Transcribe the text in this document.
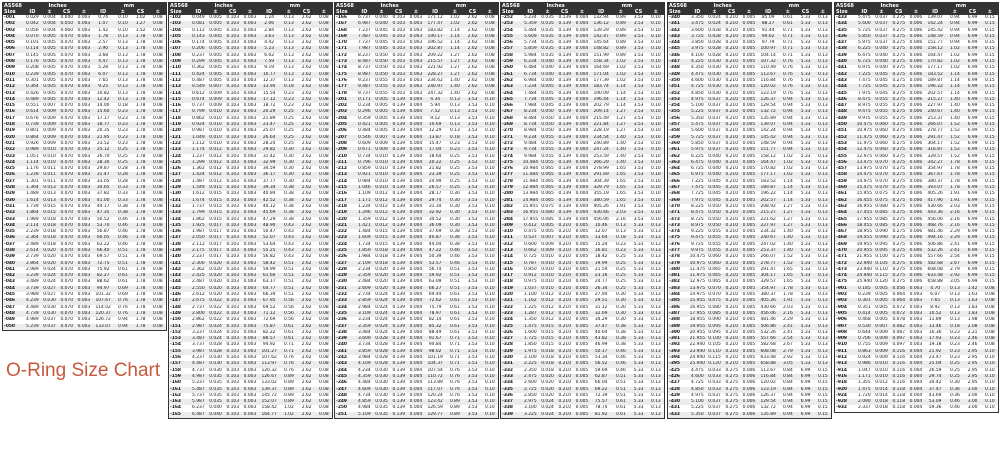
O-Ring Size Chart
AS568	Inches				mm			
Size	ID	±	CS	±	ID	±	CS	±
-001	0.029	0.004	0.040	0.003	0.74	0.10	1.02	0.08
-002	0.042	0.004	0.050	0.003	1.07	0.10	1.27	0.08
-003	0.056	0.004	0.060	0.003	1.42	0.10	1.52	0.08
-004	0.070	0.005	0.070	0.003	1.78	0.13	1.78	0.08
-005	0.101	0.005	0.070	0.003	2.57	0.13	1.78	0.08
-006	0.114	0.005	0.070	0.003	2.90	0.13	1.78	0.08
-007	0.145	0.005	0.070	0.003	3.68	0.13	1.78	0.08
-008	0.176	0.005	0.070	0.003	4.47	0.13	1.78	0.08
-009	0.208	0.005	0.070	0.003	5.28	0.13	1.78	0.08
-010	0.239	0.005	0.070	0.003	6.07	0.13	1.78	0.08
-011	0.301	0.005	0.070	0.003	7.65	0.13	1.78	0.08
-012	0.364	0.005	0.070	0.003	9.25	0.13	1.78	0.08
-013	0.426	0.005	0.070	0.003	10.82	0.13	1.78	0.08
-014	0.489	0.005	0.070	0.003	12.42	0.13	1.78	0.08
-015	0.551	0.007	0.070	0.003	14.00	0.18	1.78	0.08
-016	0.614	0.009	0.070	0.003	15.60	0.23	1.78	0.08
-017	0.676	0.009	0.070	0.003	17.17	0.23	1.78	0.08
-018	0.739	0.009	0.070	0.003	18.77	0.23	1.78	0.08
-019	0.801	0.009	0.070	0.003	20.35	0.23	1.78	0.08
-020	0.864	0.009	0.070	0.003	21.95	0.23	1.78	0.08
-021	0.926	0.009	0.070	0.003	23.52	0.23	1.78	0.08
-022	0.989	0.010	0.070	0.003	25.12	0.25	1.78	0.08
-023	1.051	0.010	0.070	0.003	26.70	0.25	1.78	0.08
-024	1.114	0.010	0.070	0.003	28.30	0.25	1.78	0.08
-025	1.176	0.011	0.070	0.003	29.87	0.28	1.78	0.08
-026	1.239	0.011	0.070	0.003	31.47	0.28	1.78	0.08
-027	1.301	0.011	0.070	0.003	33.05	0.28	1.78	0.08
-028	1.364	0.013	0.070	0.003	34.65	0.33	1.78	0.08
-029	1.489	0.013	0.070	0.003	37.82	0.33	1.78	0.08
-030	1.614	0.013	0.070	0.003	41.00	0.33	1.78	0.08
-031	1.739	0.015	0.070	0.003	44.17	0.38	1.78	0.08
-032	1.864	0.015	0.070	0.003	47.35	0.38	1.78	0.08
-033	1.989	0.018	0.070	0.003	50.52	0.46	1.78	0.08
-034	2.114	0.018	0.070	0.003	53.70	0.46	1.78	0.08
-035	2.239	0.018	0.070	0.003	56.87	0.46	1.78	0.08
-036	2.364	0.018	0.070	0.003	60.05	0.46	1.78	0.08
-037	2.489	0.018	0.070	0.003	63.22	0.46	1.78	0.08
-038	2.614	0.020	0.070	0.003	66.40	0.51	1.78	0.08
-039	2.739	0.020	0.070	0.003	69.57	0.51	1.78	0.08
-040	2.864	0.020	0.070	0.003	72.75	0.51	1.78	0.08
-041	2.989	0.024	0.070	0.003	75.92	0.61	1.78	0.08
-042	3.239	0.024	0.070	0.003	82.27	0.61	1.78	0.08
-043	3.489	0.024	0.070	0.003	88.62	0.61	1.78	0.08
-044	3.739	0.027	0.070	0.003	94.97	0.69	1.78	0.08
-045	3.989	0.027	0.070	0.003	101.32	0.69	1.78	0.08
-046	4.239	0.030	0.070	0.003	107.67	0.76	1.78	0.08
-047	4.489	0.030	0.070	0.003	114.02	0.76	1.78	0.08
-048	4.739	0.030	0.070	0.003	120.37	0.76	1.78	0.08
-049	4.989	0.037	0.070	0.003	126.72	0.94	1.78	0.08
-050	5.239	0.037	0.070	0.003	133.07	0.94	1.78	0.08
AS568	Inches				mm			
Size	ID	±	CS	±	ID	±	CS	±
-102	0.049	0.005	0.103	0.003	1.24	0.13	2.62	0.08
-103	0.081	0.005	0.103	0.003	2.06	0.13	2.62	0.08
-104	0.112	0.005	0.103	0.003	2.84	0.13	2.62	0.08
-105	0.143	0.005	0.103	0.003	3.63	0.13	2.62	0.08
-106	0.174	0.005	0.103	0.003	4.42	0.13	2.62	0.08
-107	0.206	0.005	0.103	0.003	5.23	0.13	2.62	0.08
-108	0.237	0.005	0.103	0.003	6.02	0.13	2.62	0.08
-109	0.299	0.005	0.103	0.003	7.59	0.13	2.62	0.08
-110	0.362	0.005	0.103	0.003	9.19	0.13	2.62	0.08
-111	0.424	0.005	0.103	0.003	10.77	0.13	2.62	0.08
-112	0.487	0.005	0.103	0.003	12.37	0.13	2.62	0.08
-113	0.549	0.007	0.103	0.003	13.94	0.18	2.62	0.08
-114	0.612	0.009	0.103	0.003	15.54	0.23	2.62	0.08
-115	0.674	0.009	0.103	0.003	17.12	0.23	2.62	0.08
-116	0.737	0.009	0.103	0.003	18.72	0.23	2.62	0.08
-117	0.799	0.010	0.103	0.003	20.29	0.25	2.62	0.08
-118	0.862	0.010	0.103	0.003	21.89	0.25	2.62	0.08
-119	0.924	0.010	0.103	0.003	23.47	0.25	2.62	0.08
-120	0.987	0.010	0.103	0.003	25.07	0.25	2.62	0.08
-121	1.049	0.010	0.103	0.003	26.64	0.25	2.62	0.08
-122	1.112	0.010	0.103	0.003	28.24	0.25	2.62	0.08
-123	1.174	0.012	0.103	0.003	29.82	0.30	2.62	0.08
-124	1.237	0.012	0.103	0.003	31.42	0.30	2.62	0.08
-125	1.299	0.012	0.103	0.003	32.99	0.30	2.62	0.08
-126	1.362	0.012	0.103	0.003	34.59	0.30	2.62	0.08
-127	1.424	0.012	0.103	0.003	36.17	0.30	2.62	0.08
-128	1.487	0.012	0.103	0.003	37.77	0.30	2.62	0.08
-129	1.549	0.015	0.103	0.003	39.34	0.38	2.62	0.08
-130	1.612	0.015	0.103	0.003	40.94	0.38	2.62	0.08
-131	1.674	0.015	0.103	0.003	42.52	0.38	2.62	0.08
-132	1.737	0.015	0.103	0.003	44.12	0.38	2.62	0.08
-133	1.799	0.015	0.103	0.003	45.69	0.38	2.62	0.08
-134	1.862	0.015	0.103	0.003	47.29	0.38	2.62	0.08
-135	1.925	0.017	0.103	0.003	48.90	0.43	2.62	0.08
-136	1.987	0.017	0.103	0.003	50.47	0.43	2.62	0.08
-137	2.050	0.017	0.103	0.003	52.07	0.43	2.62	0.08
-138	2.112	0.017	0.103	0.003	53.64	0.43	2.62	0.08
-139	2.175	0.017	0.103	0.003	55.25	0.43	2.62	0.08
-140	2.237	0.017	0.103	0.003	56.82	0.43	2.62	0.08
-141	2.300	0.020	0.103	0.003	58.42	0.51	2.62	0.08
-142	2.362	0.020	0.103	0.003	59.99	0.51	2.62	0.08
-143	2.425	0.020	0.103	0.003	61.60	0.51	2.62	0.08
-144	2.487	0.020	0.103	0.003	63.17	0.51	2.62	0.08
-145	2.550	0.020	0.103	0.003	64.77	0.51	2.62	0.08
-146	2.612	0.020	0.103	0.003	66.34	0.51	2.62	0.08
-147	2.675	0.022	0.103	0.003	67.95	0.56	2.62	0.08
-148	2.737	0.022	0.103	0.003	69.52	0.56	2.62	0.08
-149	2.800	0.022	0.103	0.003	71.12	0.56	2.62	0.08
-150	2.862	0.022	0.103	0.003	72.69	0.56	2.62	0.08
-151	2.987	0.024	0.103	0.003	75.87	0.61	2.62	0.08
-152	3.237	0.024	0.103	0.003	82.22	0.61	2.62	0.08
-153	3.487	0.024	0.103	0.003	88.57	0.61	2.62	0.08
-154	3.737	0.028	0.103	0.003	94.92	0.71	2.62	0.08
-155	3.987	0.028	0.103	0.003	101.27	0.71	2.62	0.08
-156	4.237	0.030	0.103	0.003	107.62	0.76	2.62	0.08
-157	4.487	0.030	0.103	0.003	113.97	0.76	2.62	0.08
-158	4.737	0.030	0.103	0.003	120.32	0.76	2.62	0.08
-159	4.987	0.035	0.103	0.003	126.67	0.89	2.62	0.08
-160	5.237	0.035	0.103	0.003	133.02	0.89	2.62	0.08
-161	5.487	0.035	0.103	0.003	139.37	0.89	2.62	0.08
-162	5.737	0.035	0.103	0.003	145.72	0.89	2.62	0.08
-163	5.987	0.035	0.103	0.003	152.07	0.89	2.62	0.08
-164	6.237	0.040	0.103	0.003	158.42	1.02	2.62	0.08
-165	6.487	0.040	0.103	0.003	164.77	1.02	2.62	0.08
AS568	Inches				mm			
Size	ID	±	CS	±	ID	±	CS	±
-166	6.737	0.040	0.103	0.003	171.12	1.02	2.62	0.08
-167	6.987	0.040	0.103	0.003	177.47	1.02	2.62	0.08
-168	7.237	0.045	0.103	0.003	183.82	1.14	2.62	0.08
-169	7.487	0.045	0.103	0.003	190.17	1.14	2.62	0.08
-170	7.737	0.045	0.103	0.003	196.52	1.14	2.62	0.08
-171	7.987	0.045	0.103	0.003	202.87	1.14	2.62	0.08
-172	8.237	0.050	0.103	0.003	209.22	1.27	2.62	0.08
-173	8.487	0.050	0.103	0.003	215.57	1.27	2.62	0.08
-174	8.737	0.050	0.103	0.003	221.92	1.27	2.62	0.08
-175	8.987	0.050	0.103	0.003	228.27	1.27	2.62	0.08
-176	9.237	0.055	0.103	0.003	234.62	1.40	2.62	0.08
-177	9.487	0.055	0.103	0.003	240.97	1.40	2.62	0.08
-178	9.737	0.055	0.103	0.003	247.32	1.40	2.62	0.08
-201	0.171	0.005	0.139	0.004	4.34	0.13	3.53	0.10
-202	0.234	0.005	0.139	0.004	5.94	0.13	3.53	0.10
-203	0.296	0.005	0.139	0.004	7.52	0.13	3.53	0.10
-204	0.359	0.005	0.139	0.004	9.12	0.13	3.53	0.10
-205	0.421	0.005	0.139	0.004	10.69	0.13	3.53	0.10
-206	0.484	0.005	0.139	0.004	12.29	0.13	3.53	0.10
-207	0.546	0.007	0.139	0.004	13.87	0.18	3.53	0.10
-208	0.609	0.009	0.139	0.004	15.47	0.23	3.53	0.10
-209	0.671	0.009	0.139	0.004	17.04	0.23	3.53	0.10
-210	0.734	0.010	0.139	0.004	18.64	0.25	3.53	0.10
-211	0.796	0.010	0.139	0.004	20.22	0.25	3.53	0.10
-212	0.859	0.010	0.139	0.004	21.82	0.25	3.53	0.10
-213	0.921	0.010	0.139	0.004	23.39	0.25	3.53	0.10
-214	0.984	0.010	0.139	0.004	24.99	0.25	3.53	0.10
-215	1.046	0.010	0.139	0.004	26.57	0.25	3.53	0.10
-216	1.109	0.012	0.139	0.004	28.17	0.30	3.53	0.10
-217	1.171	0.012	0.139	0.004	29.74	0.30	3.53	0.10
-218	1.234	0.012	0.139	0.004	31.34	0.30	3.53	0.10
-219	1.296	0.012	0.139	0.004	32.92	0.30	3.53	0.10
-220	1.359	0.012	0.139	0.004	34.52	0.30	3.53	0.10
-221	1.421	0.012	0.139	0.004	36.09	0.30	3.53	0.10
-222	1.484	0.015	0.139	0.004	37.69	0.38	3.53	0.10
-223	1.609	0.015	0.139	0.004	40.87	0.38	3.53	0.10
-224	1.734	0.015	0.139	0.004	44.04	0.38	3.53	0.10
-225	1.859	0.018	0.139	0.004	47.22	0.46	3.53	0.10
-226	1.984	0.018	0.139	0.004	50.39	0.46	3.53	0.10
-227	2.109	0.018	0.139	0.004	53.57	0.46	3.53	0.10
-228	2.234	0.020	0.139	0.004	56.74	0.51	3.53	0.10
-229	2.359	0.020	0.139	0.004	59.92	0.51	3.53	0.10
-230	2.484	0.020	0.139	0.004	63.09	0.51	3.53	0.10
-231	2.609	0.020	0.139	0.004	66.27	0.51	3.53	0.10
-232	2.734	0.024	0.139	0.004	69.44	0.61	3.53	0.10
-233	2.859	0.024	0.139	0.004	72.62	0.61	3.53	0.10
-234	2.984	0.024	0.139	0.004	75.79	0.61	3.53	0.10
-235	3.109	0.024	0.139	0.004	78.97	0.61	3.53	0.10
-236	3.234	0.024	0.139	0.004	82.14	0.61	3.53	0.10
-237	3.359	0.024	0.139	0.004	85.32	0.61	3.53	0.10
-238	3.484	0.024	0.139	0.004	88.49	0.61	3.53	0.10
-239	3.609	0.028	0.139	0.004	91.67	0.71	3.53	0.10
-240	3.734	0.028	0.139	0.004	94.84	0.71	3.53	0.10
-241	3.859	0.028	0.139	0.004	98.02	0.71	3.53	0.10
-242	3.984	0.028	0.139	0.004	101.19	0.71	3.53	0.10
-243	4.109	0.028	0.139	0.004	104.37	0.71	3.53	0.10
-244	4.234	0.030	0.139	0.004	107.54	0.76	3.53	0.10
-245	4.359	0.030	0.139	0.004	110.72	0.76	3.53	0.10
-246	4.484	0.030	0.139	0.004	113.89	0.76	3.53	0.10
-247	4.609	0.030	0.139	0.004	117.07	0.76	3.53	0.10
-248	4.734	0.030	0.139	0.004	120.24	0.76	3.53	0.10
-249	4.859	0.035	0.139	0.004	123.42	0.89	3.53	0.10
-250	4.984	0.035	0.139	0.004	126.59	0.89	3.53	0.10
-251	5.109	0.035	0.139	0.004	129.77	0.89	3.53	0.10
AS568	Inches				mm			
Size	ID	±	CS	±	ID	±	CS	±
-252	5.234	0.035	0.139	0.004	132.94	0.89	3.53	0.10
-253	5.359	0.035	0.139	0.004	136.12	0.89	3.53	0.10
-254	5.484	0.035	0.139	0.004	139.29	0.89	3.53	0.10
-255	5.609	0.035	0.139	0.004	142.47	0.89	3.53	0.10
-256	5.734	0.035	0.139	0.004	145.64	0.89	3.53	0.10
-257	5.859	0.035	0.139	0.004	148.82	0.89	3.53	0.10
-258	5.984	0.035	0.139	0.004	151.99	0.89	3.53	0.10
-259	6.234	0.040	0.139	0.004	158.34	1.02	3.53	0.10
-260	6.484	0.040	0.139	0.004	164.69	1.02	3.53	0.10
-261	6.734	0.040	0.139	0.004	171.04	1.02	3.53	0.10
-262	6.984	0.040	0.139	0.004	177.39	1.02	3.53	0.10
-263	7.234	0.045	0.139	0.004	183.74	1.14	3.53	0.10
-264	7.484	0.045	0.139	0.004	190.09	1.14	3.53	0.10
-265	7.734	0.045	0.139	0.004	196.44	1.14	3.53	0.10
-266	7.984	0.045	0.139	0.004	202.79	1.14	3.53	0.10
-267	8.234	0.050	0.139	0.004	209.14	1.27	3.53	0.10
-268	8.484	0.050	0.139	0.004	215.49	1.27	3.53	0.10
-269	8.734	0.050	0.139	0.004	221.84	1.27	3.53	0.10
-270	8.984	0.050	0.139	0.004	228.19	1.27	3.53	0.10
-271	9.234	0.055	0.139	0.004	234.54	1.40	3.53	0.10
-272	9.484	0.055	0.139	0.004	240.89	1.40	3.53	0.10
-273	9.734	0.055	0.139	0.004	247.24	1.40	3.53	0.10
-274	9.984	0.055	0.139	0.004	253.59	1.40	3.53	0.10
-275	10.484	0.055	0.139	0.004	266.29	1.40	3.53	0.10
-276	10.984	0.065	0.139	0.004	278.99	1.65	3.53	0.10
-277	11.484	0.065	0.139	0.004	291.69	1.65	3.53	0.10
-278	11.984	0.065	0.139	0.004	304.39	1.65	3.53	0.10
-279	12.984	0.065	0.139	0.004	329.79	1.65	3.53	0.10
-280	13.984	0.065	0.139	0.004	355.19	1.65	3.53	0.10
-281	14.984	0.065	0.139	0.004	380.59	1.65	3.53	0.10
-282	15.955	0.075	0.139	0.004	405.26	1.91	3.53	0.10
-283	16.955	0.080	0.139	0.004	430.66	2.03	3.53	0.10
-284	17.955	0.085	0.139	0.004	456.06	2.16	3.53	0.10
-309	0.412	0.005	0.210	0.005	10.46	0.13	5.33	0.13
-310	0.475	0.005	0.210	0.005	12.07	0.13	5.33	0.13
-311	0.537	0.007	0.210	0.005	13.64	0.18	5.33	0.13
-312	0.600	0.009	0.210	0.005	15.24	0.23	5.33	0.13
-313	0.662	0.009	0.210	0.005	16.81	0.23	5.33	0.13
-314	0.725	0.010	0.210	0.005	18.42	0.25	5.33	0.13
-315	0.787	0.010	0.210	0.005	19.99	0.25	5.33	0.13
-316	0.850	0.010	0.210	0.005	21.59	0.25	5.33	0.13
-317	0.912	0.010	0.210	0.005	23.16	0.25	5.33	0.13
-318	0.975	0.010	0.210	0.005	24.77	0.25	5.33	0.13
-319	1.037	0.010	0.210	0.005	26.34	0.25	5.33	0.13
-320	1.100	0.012	0.210	0.005	27.94	0.30	5.33	0.13
-321	1.162	0.012	0.210	0.005	29.51	0.30	5.33	0.13
-322	1.225	0.012	0.210	0.005	31.12	0.30	5.33	0.13
-323	1.287	0.012	0.210	0.005	32.69	0.30	5.33	0.13
-324	1.350	0.012	0.210	0.005	34.29	0.30	5.33	0.13
-325	1.475	0.015	0.210	0.005	37.47	0.38	5.33	0.13
-326	1.600	0.015	0.210	0.005	40.64	0.38	5.33	0.13
-327	1.725	0.015	0.210	0.005	43.82	0.38	5.33	0.13
-328	1.850	0.015	0.210	0.005	46.99	0.38	5.33	0.13
-329	1.975	0.018	0.210	0.005	50.17	0.46	5.33	0.13
-330	2.100	0.018	0.210	0.005	53.34	0.46	5.33	0.13
-331	2.225	0.018	0.210	0.005	56.52	0.46	5.33	0.13
-332	2.350	0.018	0.210	0.005	59.69	0.46	5.33	0.13
-333	2.475	0.020	0.210	0.005	62.87	0.51	5.33	0.13
-334	2.600	0.020	0.210	0.005	66.04	0.51	5.33	0.13
-335	2.725	0.020	0.210	0.005	69.22	0.51	5.33	0.13
-336	2.850	0.020	0.210	0.005	72.39	0.51	5.33	0.13
-337	2.975	0.024	0.210	0.005	75.57	0.61	5.33	0.13
-338	3.100	0.024	0.210	0.005	78.74	0.61	5.33	0.13
-339	3.225	0.024	0.210	0.005	81.92	0.61	5.33	0.13
AS568	Inches				mm			
Size	ID	±	CS	±	ID	±	CS	±
-340	3.350	0.024	0.210	0.005	85.09	0.61	5.33	0.13
-341	3.475	0.024	0.210	0.005	88.27	0.61	5.33	0.13
-342	3.600	0.028	0.210	0.005	91.44	0.71	5.33	0.13
-343	3.725	0.028	0.210	0.005	94.62	0.71	5.33	0.13
-344	3.850	0.028	0.210	0.005	97.79	0.71	5.33	0.13
-345	3.975	0.028	0.210	0.005	100.97	0.71	5.33	0.13
-346	4.100	0.028	0.210	0.005	104.14	0.71	5.33	0.13
-347	4.225	0.030	0.210	0.005	107.32	0.76	5.33	0.13
-348	4.350	0.030	0.210	0.005	110.49	0.76	5.33	0.13
-349	4.475	0.030	0.210	0.005	113.67	0.76	5.33	0.13
-350	4.600	0.030	0.210	0.005	116.84	0.76	5.33	0.13
-351	4.725	0.030	0.210	0.005	120.02	0.76	5.33	0.13
-352	4.850	0.030	0.210	0.005	123.19	0.76	5.33	0.13
-353	4.975	0.037	0.210	0.005	126.37	0.94	5.33	0.13
-354	5.100	0.037	0.210	0.005	129.54	0.94	5.33	0.13
-355	5.225	0.037	0.210	0.005	132.72	0.94	5.33	0.13
-356	5.350	0.037	0.210	0.005	135.89	0.94	5.33	0.13
-357	5.475	0.037	0.210	0.005	139.07	0.94	5.33	0.13
-358	5.600	0.037	0.210	0.005	142.24	0.94	5.33	0.13
-359	5.725	0.037	0.210	0.005	145.42	0.94	5.33	0.13
-360	5.850	0.037	0.210	0.005	148.59	0.94	5.33	0.13
-361	5.975	0.037	0.210	0.005	151.77	0.94	5.33	0.13
-362	6.225	0.040	0.210	0.005	158.12	1.02	5.33	0.13
-363	6.475	0.040	0.210	0.005	164.47	1.02	5.33	0.13
-364	6.725	0.040	0.210	0.005	170.82	1.02	5.33	0.13
-365	6.975	0.040	0.210	0.005	177.17	1.02	5.33	0.13
-366	7.225	0.045	0.210	0.005	183.52	1.14	5.33	0.13
-367	7.475	0.045	0.210	0.005	189.87	1.14	5.33	0.13
-368	7.725	0.045	0.210	0.005	196.22	1.14	5.33	0.13
-369	7.975	0.045	0.210	0.005	202.57	1.14	5.33	0.13
-370	8.225	0.050	0.210	0.005	208.92	1.27	5.33	0.13
-371	8.475	0.050	0.210	0.005	215.27	1.27	5.33	0.13
-372	8.725	0.050	0.210	0.005	221.62	1.27	5.33	0.13
-373	8.975	0.050	0.210	0.005	227.97	1.27	5.33	0.13
-374	9.225	0.055	0.210	0.005	234.32	1.40	5.33	0.13
-375	9.475	0.055	0.210	0.005	240.67	1.40	5.33	0.13
-376	9.725	0.055	0.210	0.005	247.02	1.40	5.33	0.13
-377	9.975	0.055	0.210	0.005	253.37	1.40	5.33	0.13
-378	10.475	0.060	0.210	0.005	266.07	1.52	5.33	0.13
-379	10.975	0.060	0.210	0.005	278.77	1.52	5.33	0.13
-380	11.475	0.065	0.210	0.005	291.47	1.65	5.33	0.13
-381	11.975	0.065	0.210	0.005	304.17	1.65	5.33	0.13
-382	12.975	0.065	0.210	0.005	329.57	1.65	5.33	0.13
-383	13.975	0.070	0.210	0.005	354.97	1.78	5.33	0.13
-384	14.975	0.070	0.210	0.005	380.37	1.78	5.33	0.13
-385	15.955	0.075	0.210	0.005	405.26	1.91	5.33	0.13
-386	16.955	0.080	0.210	0.005	430.66	2.03	5.33	0.13
-387	17.955	0.085	0.210	0.005	456.06	2.16	5.33	0.13
-388	18.955	0.090	0.210	0.005	481.46	2.29	5.33	0.13
-389	19.955	0.095	0.210	0.005	506.86	2.41	5.33	0.13
-390	20.955	0.095	0.210	0.005	532.26	2.41	5.33	0.13
-391	21.955	0.100	0.210	0.005	557.66	2.54	5.33	0.13
-392	22.940	0.105	0.210	0.005	582.68	2.67	5.33	0.13
-393	23.940	0.110	0.210	0.005	608.08	2.79	5.33	0.13
-394	24.940	0.115	0.210	0.005	633.48	2.92	5.33	0.13
-395	25.940	0.120	0.210	0.005	658.88	3.05	5.33	0.13
-425	4.475	0.033	0.275	0.006	113.67	0.84	6.99	0.15
-426	4.600	0.033	0.275	0.006	116.84	0.84	6.99	0.15
-427	4.725	0.033	0.275	0.006	120.02	0.84	6.99	0.15
-428	4.850	0.033	0.275	0.006	123.19	0.84	6.99	0.15
-429	4.975	0.037	0.275	0.006	126.37	0.94	6.99	0.15
-430	5.100	0.037	0.275	0.006	129.54	0.94	6.99	0.15
-431	5.225	0.037	0.275	0.006	132.72	0.94	6.99	0.15
-432	5.350	0.037	0.275	0.006	135.89	0.94	6.99	0.15
AS568	Inches				mm			
Size	ID	±	CS	±	ID	±	CS	±
-433	5.475	0.037	0.275	0.006	139.07	0.94	6.99	0.15
-434	5.600	0.037	0.275	0.006	142.24	0.94	6.99	0.15
-435	5.725	0.037	0.275	0.006	145.42	0.94	6.99	0.15
-436	5.850	0.037	0.275	0.006	148.59	0.94	6.99	0.15
-437	5.975	0.037	0.275	0.006	151.77	0.94	6.99	0.15
-438	6.225	0.040	0.275	0.006	158.12	1.02	6.99	0.15
-439	6.475	0.040	0.275	0.006	164.47	1.02	6.99	0.15
-440	6.725	0.040	0.275	0.006	170.82	1.02	6.99	0.15
-441	6.975	0.040	0.275	0.006	177.17	1.02	6.99	0.15
-442	7.225	0.045	0.275	0.006	183.52	1.14	6.99	0.15
-443	7.475	0.045	0.275	0.006	189.87	1.14	6.99	0.15
-444	7.725	0.045	0.275	0.006	196.22	1.14	6.99	0.15
-445	7.975	0.045	0.275	0.006	202.57	1.14	6.99	0.15
-446	8.475	0.055	0.275	0.006	215.27	1.40	6.99	0.15
-447	8.975	0.055	0.275	0.006	227.97	1.40	6.99	0.15
-448	9.475	0.055	0.275	0.006	240.67	1.40	6.99	0.15
-449	9.975	0.055	0.275	0.006	253.37	1.40	6.99	0.15
-450	10.475	0.060	0.275	0.006	266.07	1.52	6.99	0.15
-451	10.975	0.060	0.275	0.006	278.77	1.52	6.99	0.15
-452	11.475	0.060	0.275	0.006	291.47	1.52	6.99	0.15
-453	11.975	0.060	0.275	0.006	304.17	1.52	6.99	0.15
-454	12.475	0.060	0.275	0.006	316.87	1.52	6.99	0.15
-455	12.975	0.060	0.275	0.006	329.57	1.52	6.99	0.15
-456	13.475	0.070	0.275	0.006	342.27	1.78	6.99	0.15
-457	13.975	0.070	0.275	0.006	354.97	1.78	6.99	0.15
-458	14.475	0.070	0.275	0.006	367.67	1.78	6.99	0.15
-459	14.975	0.070	0.275	0.006	380.37	1.78	6.99	0.15
-460	15.475	0.070	0.275	0.006	393.07	1.78	6.99	0.15
-461	15.955	0.075	0.275	0.006	405.26	1.91	6.99	0.15
-462	16.455	0.075	0.275	0.006	417.96	1.91	6.99	0.15
-463	16.955	0.080	0.275	0.006	430.66	2.03	6.99	0.15
-464	17.455	0.085	0.275	0.006	443.36	2.16	6.99	0.15
-465	17.955	0.085	0.275	0.006	456.06	2.16	6.99	0.15
-466	18.455	0.085	0.275	0.006	468.76	2.16	6.99	0.15
-467	18.955	0.090	0.275	0.006	481.46	2.29	6.99	0.15
-468	19.455	0.090	0.275	0.006	494.16	2.29	6.99	0.15
-469	19.955	0.095	0.275	0.006	506.86	2.41	6.99	0.15
-470	20.955	0.095	0.275	0.006	532.26	2.41	6.99	0.15
-471	21.955	0.100	0.275	0.006	557.66	2.54	6.99	0.15
-472	22.940	0.105	0.275	0.006	582.68	2.67	6.99	0.15
-473	23.940	0.110	0.275	0.006	608.08	2.79	6.99	0.15
-474	24.940	0.115	0.275	0.006	633.48	2.92	6.99	0.15
-475	25.940	0.120	0.275	0.006	658.88	3.05	6.99	0.15
-901	0.185	0.005	0.056	0.003	4.70	0.13	1.42	0.08
-902	0.239	0.005	0.064	0.003	6.07	0.13	1.63	0.08
-903	0.301	0.005	0.064	0.003	7.65	0.13	1.63	0.08
-904	0.351	0.005	0.072	0.003	8.92	0.13	1.83	0.08
-905	0.414	0.005	0.072	0.003	10.52	0.13	1.83	0.08
-906	0.468	0.005	0.078	0.003	11.89	0.13	1.98	0.08
-907	0.530	0.007	0.082	0.003	13.46	0.18	2.08	0.08
-908	0.644	0.009	0.087	0.003	16.36	0.23	2.21	0.08
-909	0.706	0.009	0.097	0.003	17.93	0.23	2.46	0.08
-910	0.755	0.009	0.097	0.003	19.18	0.23	2.46	0.08
-911	0.863	0.009	0.116	0.004	21.92	0.23	2.95	0.10
-912	0.924	0.009	0.116	0.004	23.47	0.23	2.95	0.10
-913	0.986	0.010	0.116	0.004	25.04	0.25	2.95	0.10
-914	1.047	0.010	0.116	0.004	26.59	0.25	2.95	0.10
-916	1.171	0.010	0.116	0.004	29.74	0.25	2.95	0.10
-918	1.355	0.012	0.116	0.004	34.42	0.30	2.95	0.10
-920	1.475	0.014	0.118	0.004	37.47	0.36	3.00	0.10
-924	1.720	0.014	0.118	0.004	43.69	0.36	3.00	0.10
-928	2.090	0.018	0.118	0.004	53.09	0.46	3.00	0.10
-932	2.337	0.018	0.118	0.004	59.36	0.46	3.00	0.10
